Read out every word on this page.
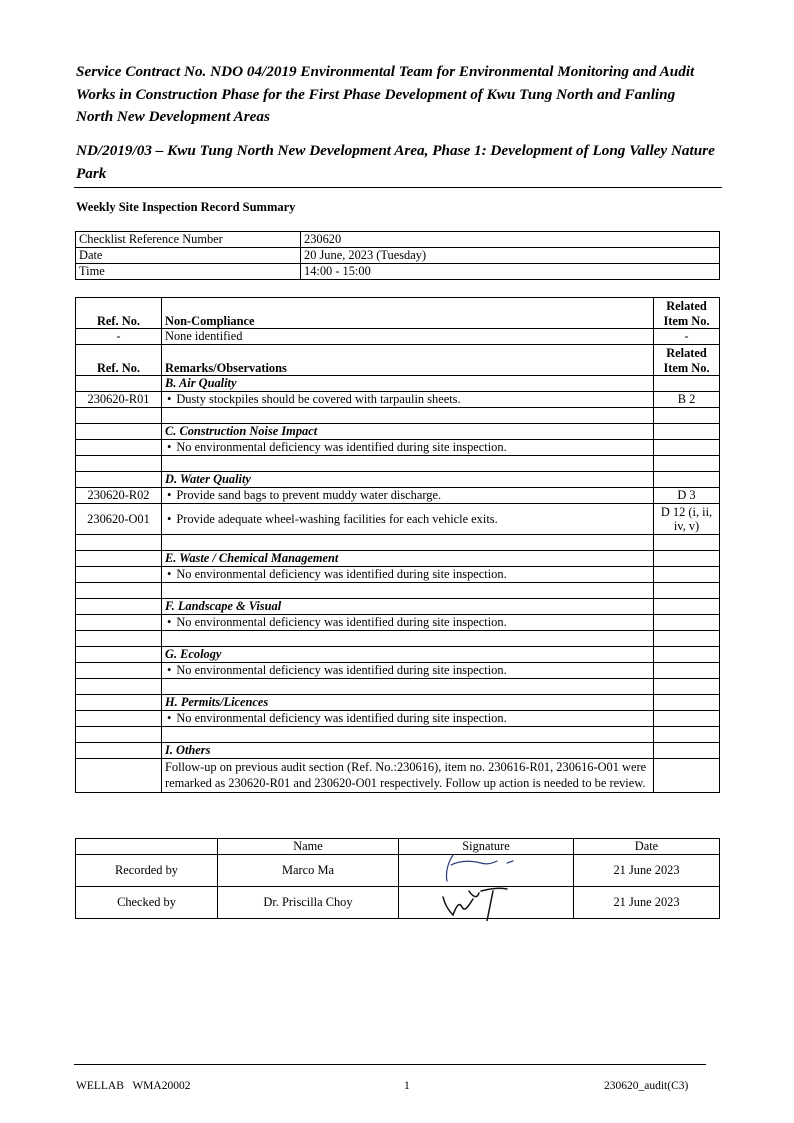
Service Contract No. NDO 04/2019 Environmental Team for Environmental Monitoring and Audit Works in Construction Phase for the First Phase Development of Kwu Tung North and Fanling North New Development Areas
ND/2019/03 – Kwu Tung North New Development Area, Phase 1: Development of Long Valley Nature Park
Weekly Site Inspection Record Summary
Checklist Reference Number	230620
Date	20 June, 2023 (Tuesday)
Time	14:00 - 15:00
Ref. No.	Non-Compliance	Related Item No.
-	None identified	-
Ref. No.	Remarks/Observations	Related Item No.
	B. Air Quality	
230620-R01	• Dusty stockpiles should be covered with tarpaulin sheets.	B 2

	C. Construction Noise Impact	
	• No environmental deficiency was identified during site inspection.	

	D. Water Quality	
230620-R02	• Provide sand bags to prevent muddy water discharge.	D 3
230620-O01	• Provide adequate wheel-washing facilities for each vehicle exits.	D 12 (i, ii, iv, v)

	E. Waste / Chemical Management	
	• No environmental deficiency was identified during site inspection.	

	F. Landscape & Visual	
	• No environmental deficiency was identified during site inspection.	

	G. Ecology	
	• No environmental deficiency was identified during site inspection.	

	H. Permits/Licences	
	• No environmental deficiency was identified during site inspection.	

	I. Others	
	Follow-up on previous audit section (Ref. No.:230616), item no. 230616-R01, 230616-O01 were remarked as 230620-R01 and 230620-O01 respectively. Follow up action is needed to be review.	
	Name	Signature	Date
Recorded by	Marco Ma		21 June 2023
Checked by	Dr. Priscilla Choy		21 June 2023
WELLAB   WMA20002	1	230620_audit(C3)
